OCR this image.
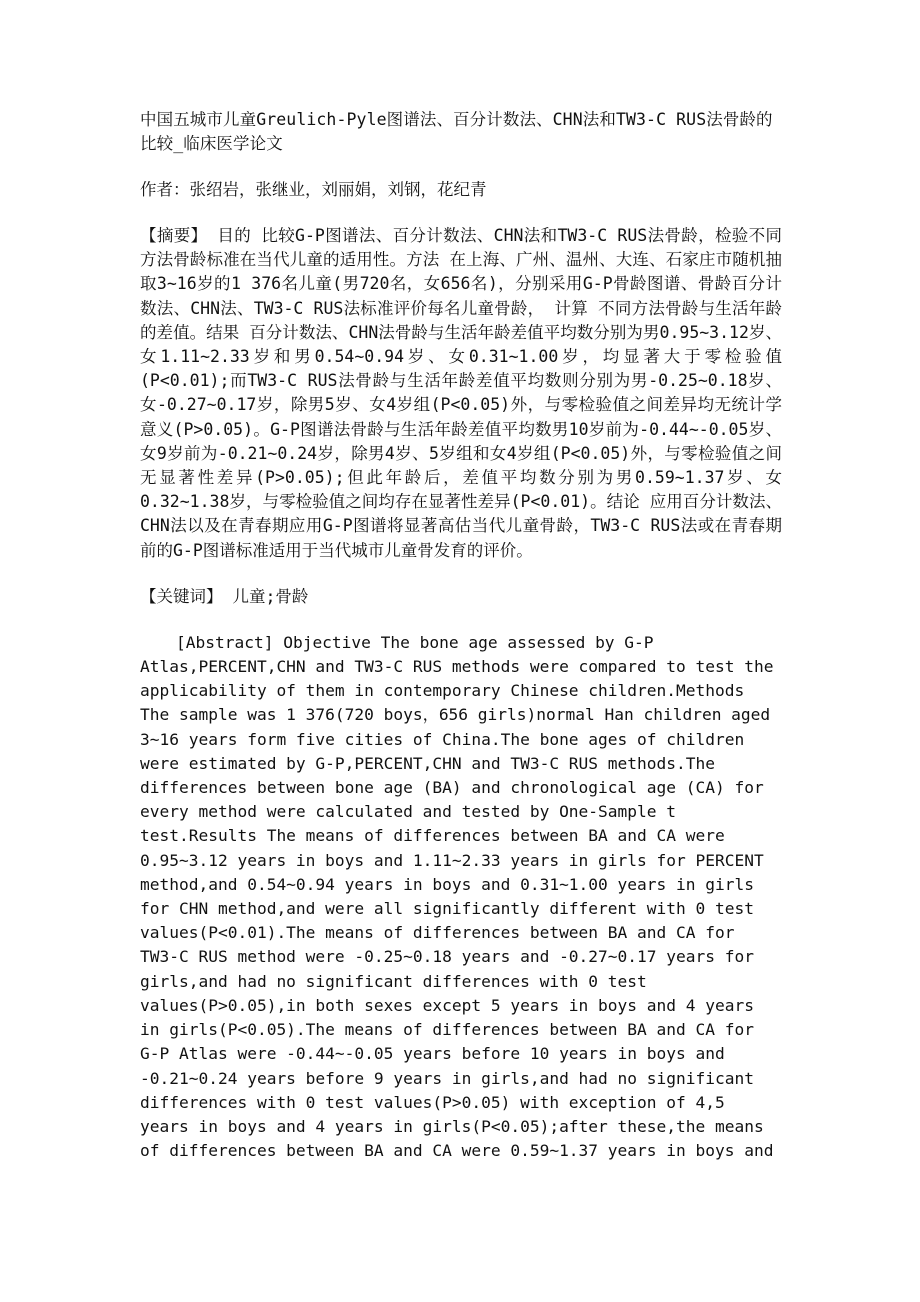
中国五城市儿童Greulich-Pyle图谱法、百分计数法、CHN法和TW3-C RUS法骨龄的比较_临床医学论文
作者：张绍岩，张继业，刘丽娟，刘钢，花纪青
【摘要】 目的 比较G-P图谱法、百分计数法、CHN法和TW3-C RUS法骨龄，检验不同方法骨龄标准在当代儿童的适用性。方法 在上海、广州、温州、大连、石家庄市随机抽取3~16岁的1 376名儿童(男720名，女656名)，分别采用G-P骨龄图谱、骨龄百分计数法、CHN法、TW3-C RUS法标准评价每名儿童骨龄， 计算 不同方法骨龄与生活年龄的差值。结果 百分计数法、CHN法骨龄与生活年龄差值平均数分别为男0.95~3.12岁、女1.11~2.33岁和男0.54~0.94岁、女0.31~1.00岁，均显著大于零检验值(P<0.01);而TW3-C RUS法骨龄与生活年龄差值平均数则分别为男-0.25~0.18岁、女-0.27~0.17岁，除男5岁、女4岁组(P<0.05)外，与零检验值之间差异均无统计学意义(P>0.05)。G-P图谱法骨龄与生活年龄差值平均数男10岁前为-0.44~-0.05岁、女9岁前为-0.21~0.24岁，除男4岁、5岁组和女4岁组(P<0.05)外，与零检验值之间无显著性差异(P>0.05);但此年龄后，差值平均数分别为男0.59~1.37岁、女0.32~1.38岁，与零检验值之间均存在显著性差异(P<0.01)。结论 应用百分计数法、CHN法以及在青春期应用G-P图谱将显著高估当代儿童骨龄，TW3-C RUS法或在青春期前的G-P图谱标准适用于当代城市儿童骨发育的评价。
【关键词】 儿童;骨龄
[Abstract] Objective The bone age assessed by G-P Atlas,PERCENT,CHN and TW3-C RUS methods were compared to test the applicability of them in contemporary Chinese children.Methods The sample was 1 376(720 boys，656 girls)normal Han children aged 3~16 years form five cities of China.The bone ages of children were estimated by G-P,PERCENT,CHN and TW3-C RUS methods.The differences between bone age (BA) and chronological age (CA) for every method were calculated and tested by One-Sample t test.Results The means of differences between BA and CA were 0.95~3.12 years in boys and 1.11~2.33 years in girls for PERCENT method,and 0.54~0.94 years in boys and 0.31~1.00 years in girls for CHN method,and were all significantly different with 0 test values(P<0.01).The means of differences between BA and CA for TW3-C RUS method were -0.25~0.18 years and -0.27~0.17 years for girls,and had no significant differences with 0 test values(P>0.05),in both sexes except 5 years in boys and 4 years in girls(P<0.05).The means of differences between BA and CA for G-P Atlas were -0.44~-0.05 years before 10 years in boys and -0.21~0.24 years before 9 years in girls,and had no significant differences with 0 test values(P>0.05) with exception of 4,5 years in boys and 4 years in girls(P<0.05);after these,the means of differences between BA and CA were 0.59~1.37 years in boys and
